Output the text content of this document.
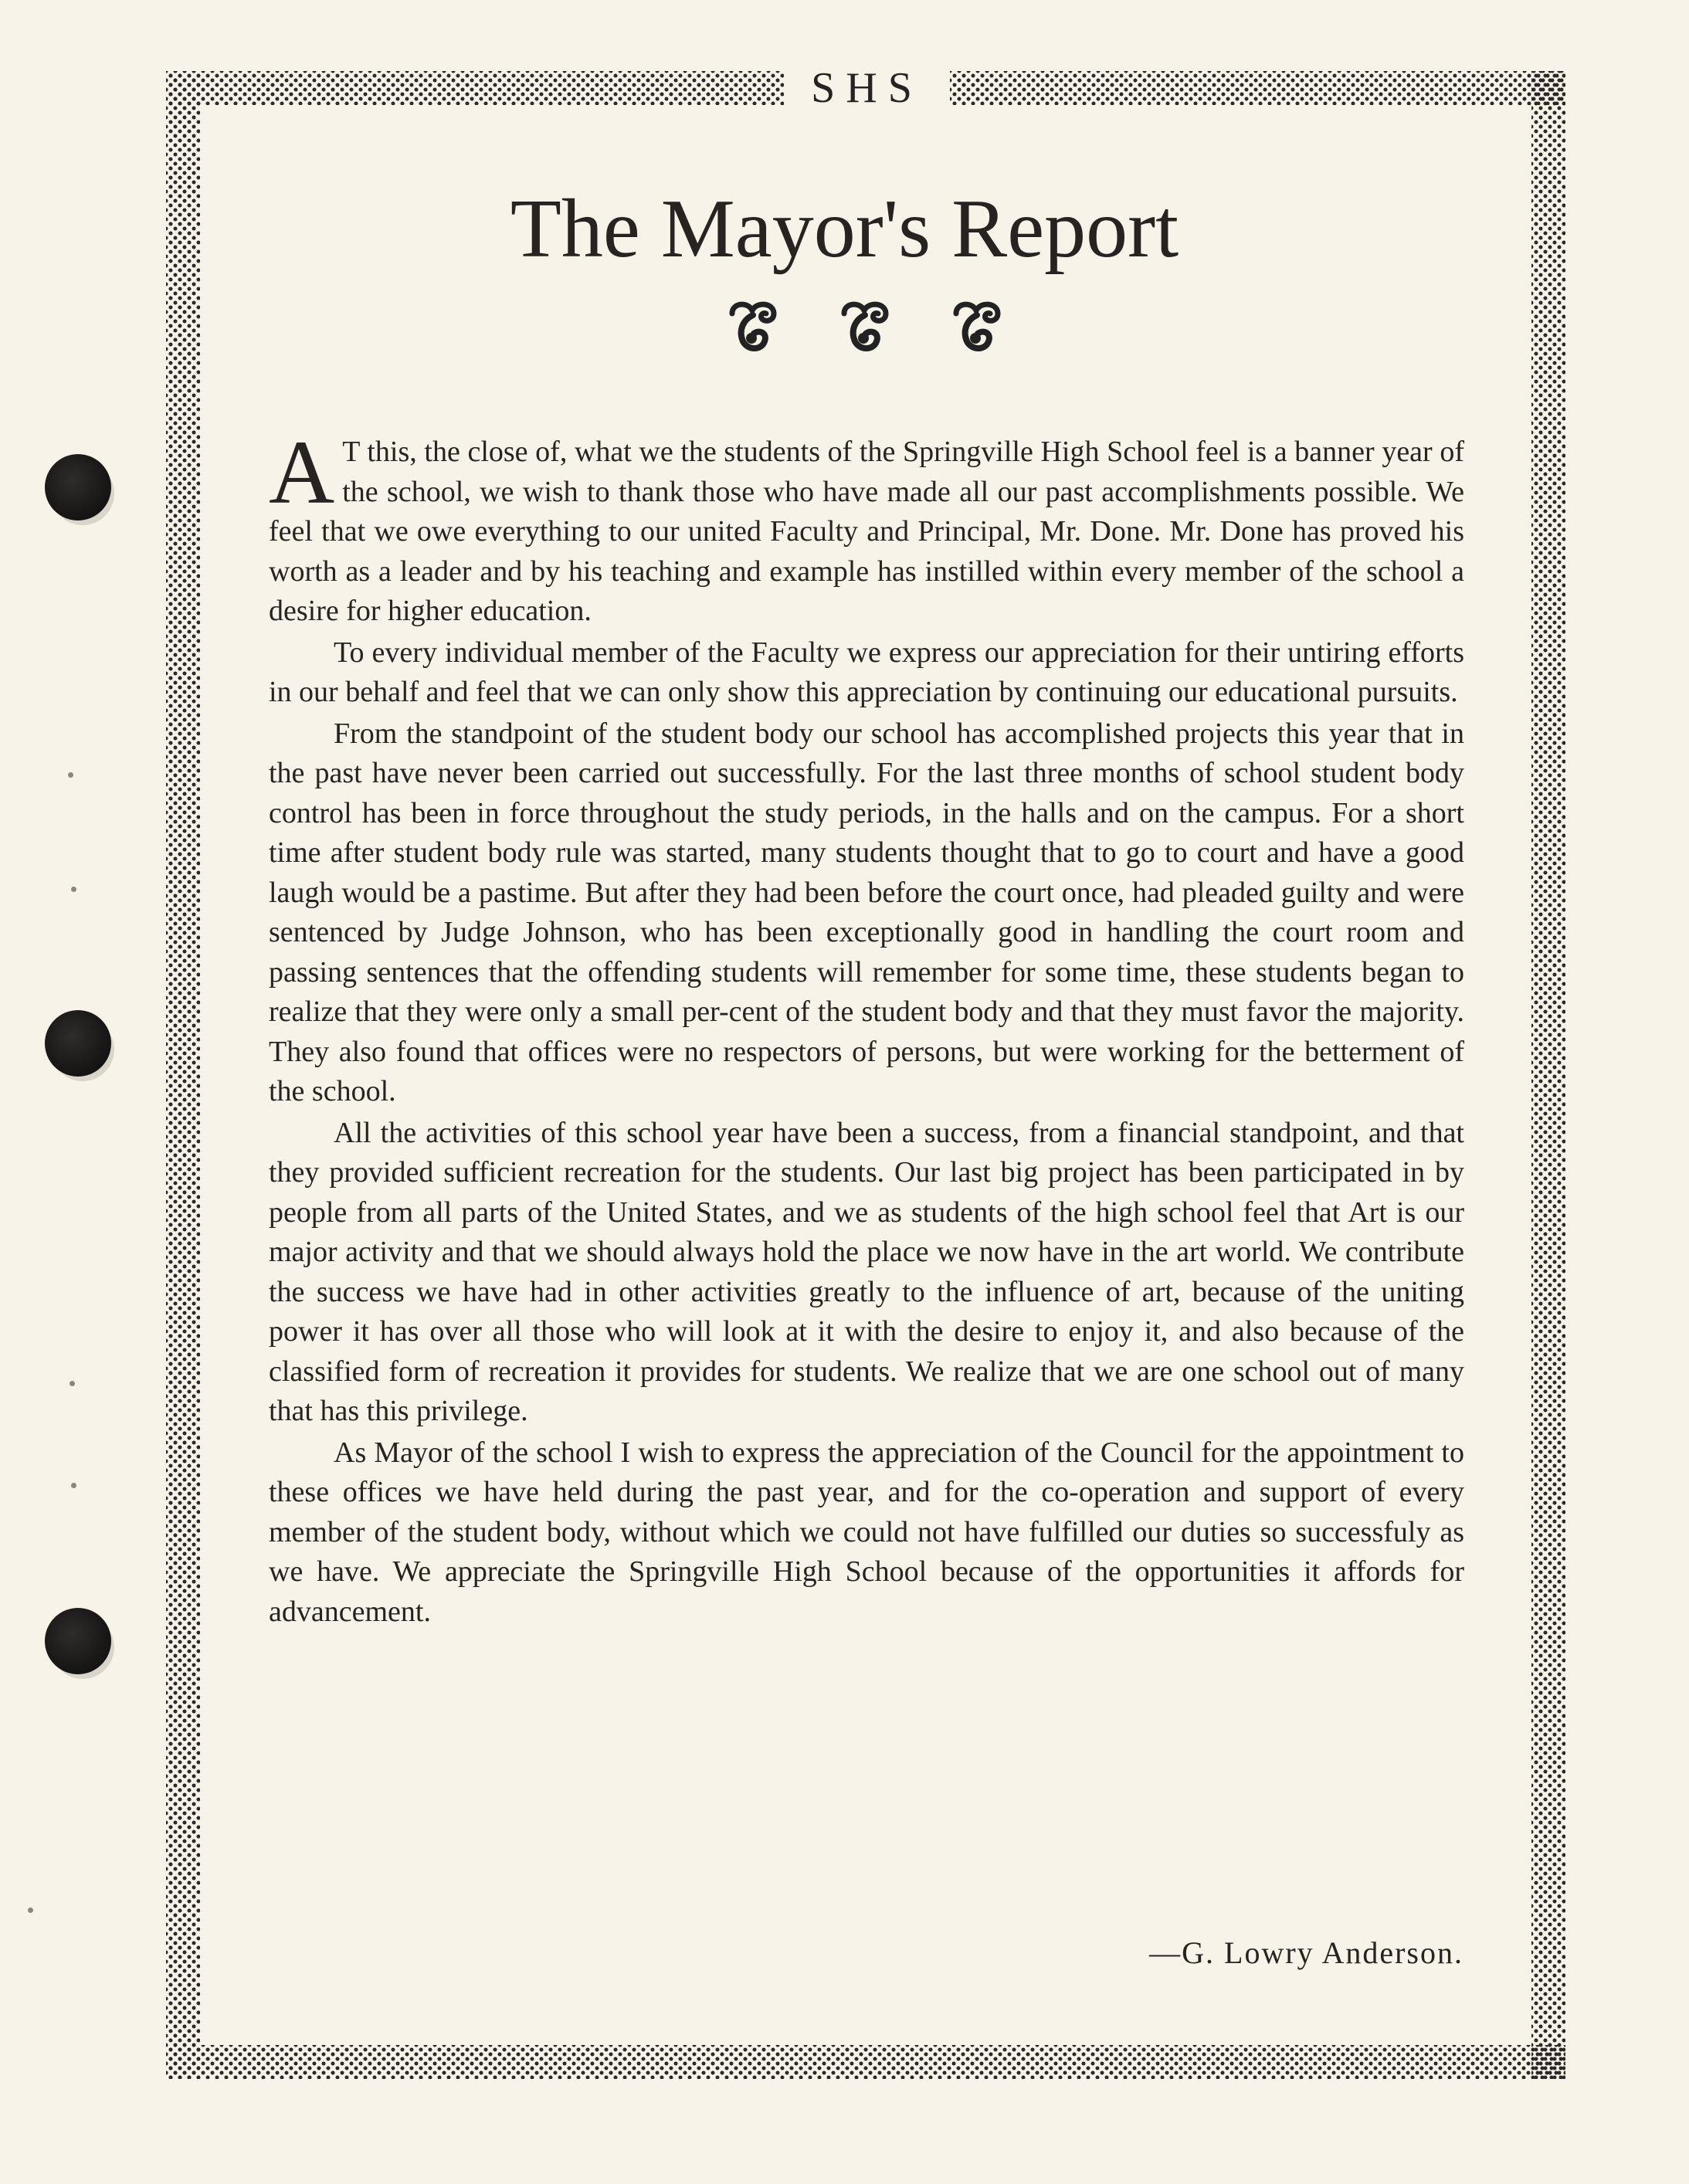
SHS
The Mayor's Report

A T this, the close of, what we the students of the Springville High School feel is a banner year of the school, we wish to thank those who have made all our past accomplishments possible. We feel that we owe everything to our united Faculty and Principal, Mr. Done. Mr. Done has proved his worth as a leader and by his teaching and example has instilled within every member of the school a desire for higher education.

To every individual member of the Faculty we express our appreciation for their untiring efforts in our behalf and feel that we can only show this appreciation by continuing our educational pursuits.

From the standpoint of the student body our school has accomplished projects this year that in the past have never been carried out successfully. For the last three months of school student body control has been in force throughout the study periods, in the halls and on the campus. For a short time after student body rule was started, many students thought that to go to court and have a good laugh would be a pastime. But after they had been before the court once, had pleaded guilty and were sentenced by Judge Johnson, who has been exceptionally good in handling the court room and passing sentences that the offending students will remember for some time, these students began to realize that they were only a small per-cent of the student body and that they must favor the majority. They also found that offices were no respectors of persons, but were working for the betterment of the school.

All the activities of this school year have been a success, from a financial standpoint, and that they provided sufficient recreation for the students. Our last big project has been participated in by people from all parts of the United States, and we as students of the high school feel that Art is our major activity and that we should always hold the place we now have in the art world. We contribute the success we have had in other activities greatly to the influence of art, because of the uniting power it has over all those who will look at it with the desire to enjoy it, and also because of the classified form of recreation it provides for students. We realize that we are one school out of many that has this privilege.

As Mayor of the school I wish to express the appreciation of the Council for the appointment to these offices we have held during the past year, and for the co-operation and support of every member of the student body, without which we could not have fulfilled our duties so successfuly as we have. We appreciate the Springville High School because of the opportunities it affords for advancement.

—G. Lowry Anderson.
